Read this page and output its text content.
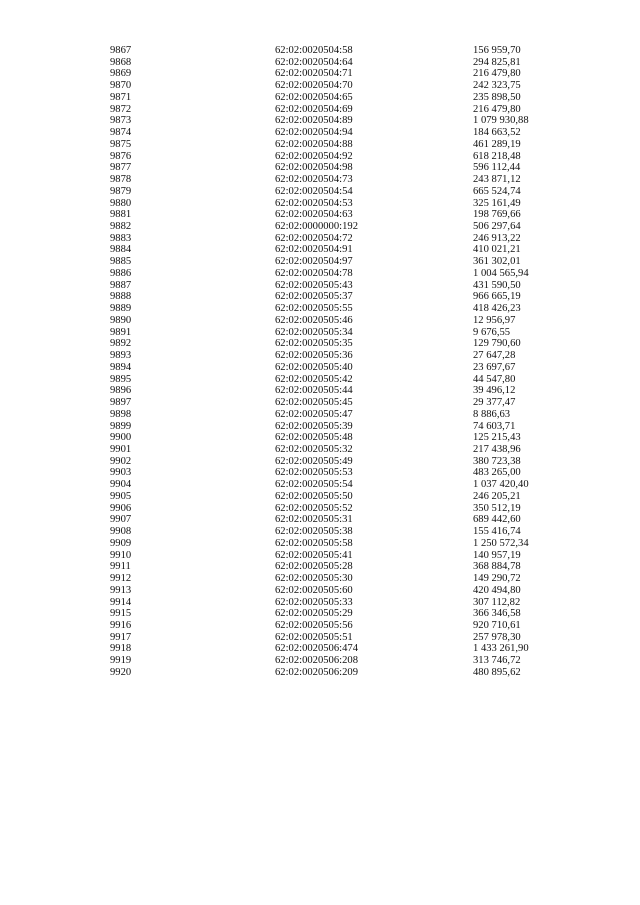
9867	62:02:0020504:58	156 959,70
9868	62:02:0020504:64	294 825,81
9869	62:02:0020504:71	216 479,80
9870	62:02:0020504:70	242 323,75
9871	62:02:0020504:65	235 898,50
9872	62:02:0020504:69	216 479,80
9873	62:02:0020504:89	1 079 930,88
9874	62:02:0020504:94	184 663,52
9875	62:02:0020504:88	461 289,19
9876	62:02:0020504:92	618 218,48
9877	62:02:0020504:98	596 112,44
9878	62:02:0020504:73	243 871,12
9879	62:02:0020504:54	665 524,74
9880	62:02:0020504:53	325 161,49
9881	62:02:0020504:63	198 769,66
9882	62:02:0000000:192	506 297,64
9883	62:02:0020504:72	246 913,22
9884	62:02:0020504:91	410 021,21
9885	62:02:0020504:97	361 302,01
9886	62:02:0020504:78	1 004 565,94
9887	62:02:0020505:43	431 590,50
9888	62:02:0020505:37	966 665,19
9889	62:02:0020505:55	418 426,23
9890	62:02:0020505:46	12 956,97
9891	62:02:0020505:34	9 676,55
9892	62:02:0020505:35	129 790,60
9893	62:02:0020505:36	27 647,28
9894	62:02:0020505:40	23 697,67
9895	62:02:0020505:42	44 547,80
9896	62:02:0020505:44	39 496,12
9897	62:02:0020505:45	29 377,47
9898	62:02:0020505:47	8 886,63
9899	62:02:0020505:39	74 603,71
9900	62:02:0020505:48	125 215,43
9901	62:02:0020505:32	217 438,96
9902	62:02:0020505:49	380 723,38
9903	62:02:0020505:53	483 265,00
9904	62:02:0020505:54	1 037 420,40
9905	62:02:0020505:50	246 205,21
9906	62:02:0020505:52	350 512,19
9907	62:02:0020505:31	689 442,60
9908	62:02:0020505:38	155 416,74
9909	62:02:0020505:58	1 250 572,34
9910	62:02:0020505:41	140 957,19
9911	62:02:0020505:28	368 884,78
9912	62:02:0020505:30	149 290,72
9913	62:02:0020505:60	420 494,80
9914	62:02:0020505:33	307 112,82
9915	62:02:0020505:29	366 346,58
9916	62:02:0020505:56	920 710,61
9917	62:02:0020505:51	257 978,30
9918	62:02:0020506:474	1 433 261,90
9919	62:02:0020506:208	313 746,72
9920	62:02:0020506:209	480 895,62
